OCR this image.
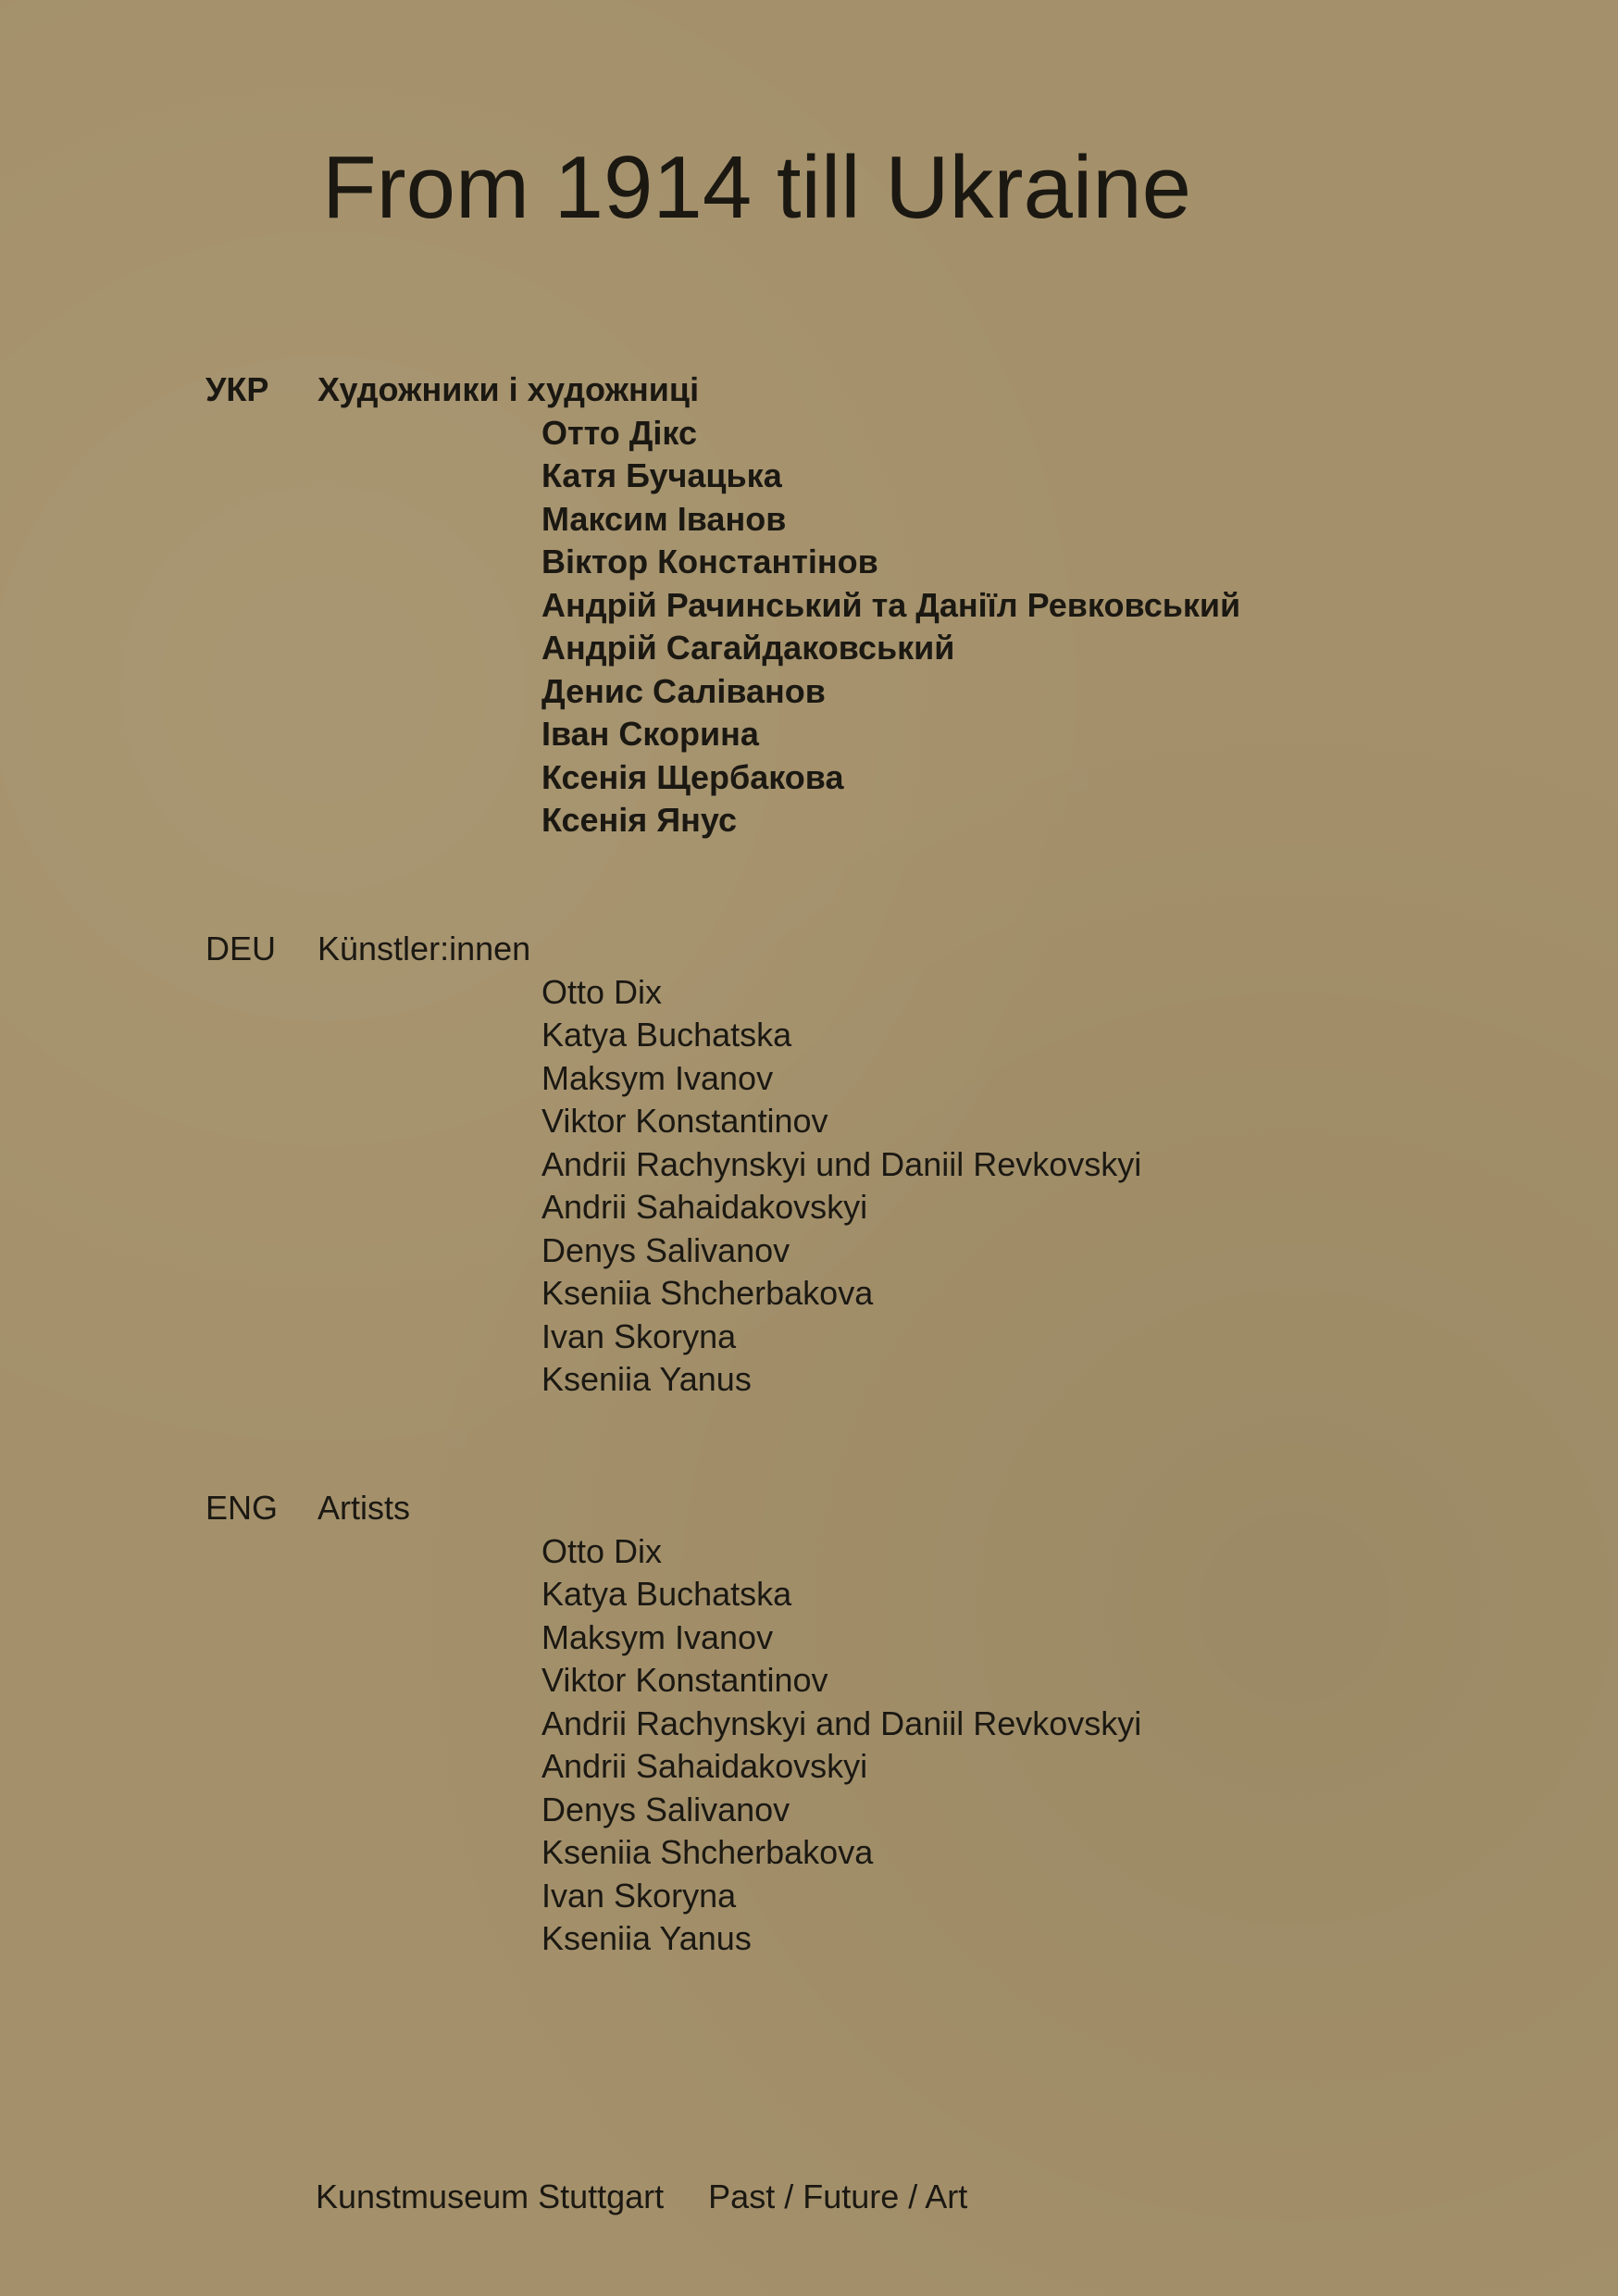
From 1914 till Ukraine
УКР Художники і художниці
Отто Дікс
Катя Бучацька
Максим Іванов
Віктор Константінов
Андрій Рачинський та Даніїл Ревковський
Андрій Сагайдаковський
Денис Саліванов
Іван Скорина
Ксенія Щербакова
Ксенія Янус
DEU Künstler:innen
Otto Dix
Katya Buchatska
Maksym Ivanov
Viktor Konstantinov
Andrii Rachynskyi und Daniil Revkovskyi
Andrii Sahaidakovskyi
Denys Salivanov
Kseniia Shcherbakova
Ivan Skoryna
Kseniia Yanus
ENG Artists
Otto Dix
Katya Buchatska
Maksym Ivanov
Viktor Konstantinov
Andrii Rachynskyi and Daniil Revkovskyi
Andrii Sahaidakovskyi
Denys Salivanov
Kseniia Shcherbakova
Ivan Skoryna
Kseniia Yanus
Kunstmuseum Stuttgart Past / Future / Art
